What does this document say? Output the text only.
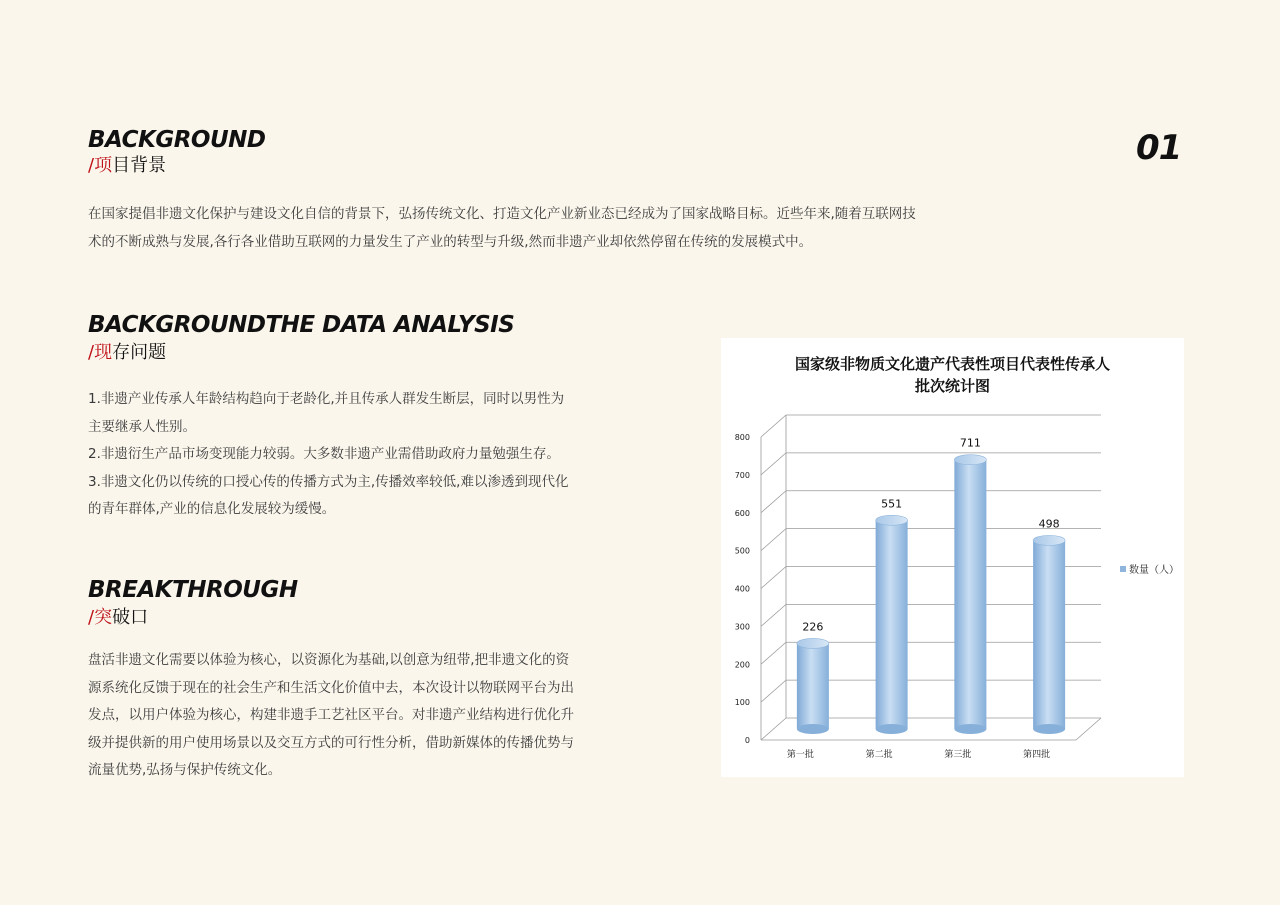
01
BACKGROUND
/项目背景
在国家提倡非遗文化保护与建设文化自信的背景下，弘扬传统文化、打造文化产业新业态已经成为了国家战略目标。近些年来,随着互联网技
术的不断成熟与发展,各行各业借助互联网的力量发生了产业的转型与升级,然而非遗产业却依然停留在传统的发展模式中。
BACKGROUNDTHE DATA ANALYSIS
/现存问题
1.非遗产业传承人年龄结构趋向于老龄化,并且传承人群发生断层，同时以男性为
主要继承人性别。
2.非遗衍生产品市场变现能力较弱。大多数非遗产业需借助政府力量勉强生存。
3.非遗文化仍以传统的口授心传的传播方式为主,传播效率较低,难以渗透到现代化
的青年群体,产业的信息化发展较为缓慢。
BREAKTHROUGH
/突破口
盘活非遗文化需要以体验为核心，以资源化为基础,以创意为纽带,把非遗文化的资
源系统化反馈于现在的社会生产和生活文化价值中去，本次设计以物联网平台为出
发点，以用户体验为核心，构建非遗手工艺社区平台。对非遗产业结构进行优化升
级并提供新的用户使用场景以及交互方式的可行性分析，借助新媒体的传播优势与
流量优势,弘扬与保护传统文化。
国家级非物质文化遗产代表性项目代表性传承人
批次统计图
0
100
200
300
400
500
600
700
800
226
第一批
551
第二批
711
第三批
498
第四批
数量（人）
